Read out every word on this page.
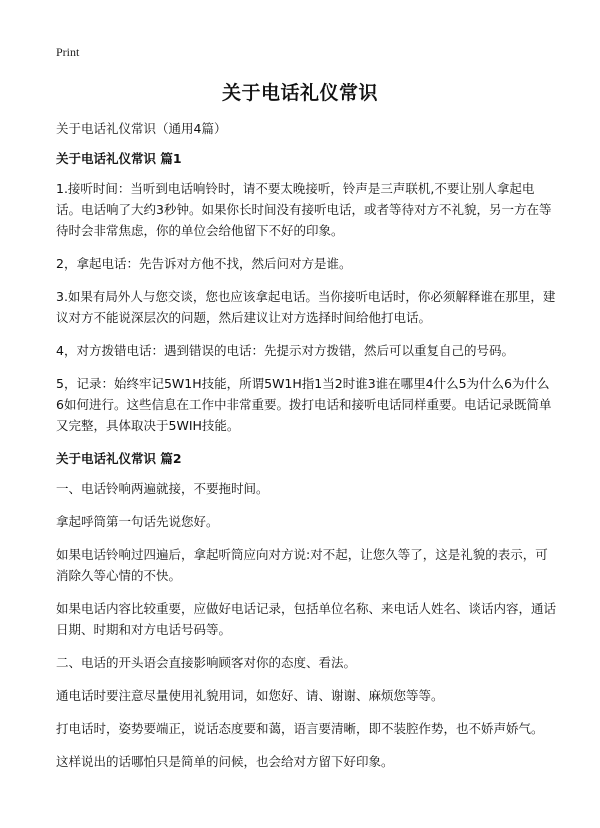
Print
关于电话礼仪常识

关于电话礼仪常识（通用4篇）

关于电话礼仪常识 篇1

1.接听时间：当听到电话响铃时，请不要太晚接听，铃声是三声联机,不要让别人拿起电话。电话响了大约3秒钟。如果你长时间没有接听电话，或者等待对方不礼貌，另一方在等待时会非常焦虑，你的单位会给他留下不好的印象。

2，拿起电话：先告诉对方他不找，然后问对方是谁。

3.如果有局外人与您交谈，您也应该拿起电话。当你接听电话时，你必须解释谁在那里，建议对方不能说深层次的问题，然后建议让对方选择时间给他打电话。

4，对方拨错电话：遇到错误的电话：先提示对方拨错，然后可以重复自己的号码。

5，记录：始终牢记5W1H技能，所谓5W1H指1当2时谁3谁在哪里4什么5为什么6为什么6如何进行。这些信息在工作中非常重要。拨打电话和接听电话同样重要。电话记录既简单又完整，具体取决于5WIH技能。

关于电话礼仪常识 篇2

一、电话铃响两遍就接，不要拖时间。

拿起呼筒第一句话先说您好。

如果电话铃响过四遍后，拿起听筒应向对方说:对不起，让您久等了，这是礼貌的表示，可消除久等心情的不快。

如果电话内容比较重要，应做好电话记录，包括单位名称、来电话人姓名、谈话内容，通话日期、时期和对方电话号码等。

二、电话的开头语会直接影响顾客对你的态度、看法。

通电话时要注意尽量使用礼貌用词，如您好、请、谢谢、麻烦您等等。

打电话时，姿势要端正，说话态度要和蔼，语言要清晰，即不装腔作势，也不娇声娇气。

这样说出的话哪怕只是简单的问候，也会给对方留下好印象。
